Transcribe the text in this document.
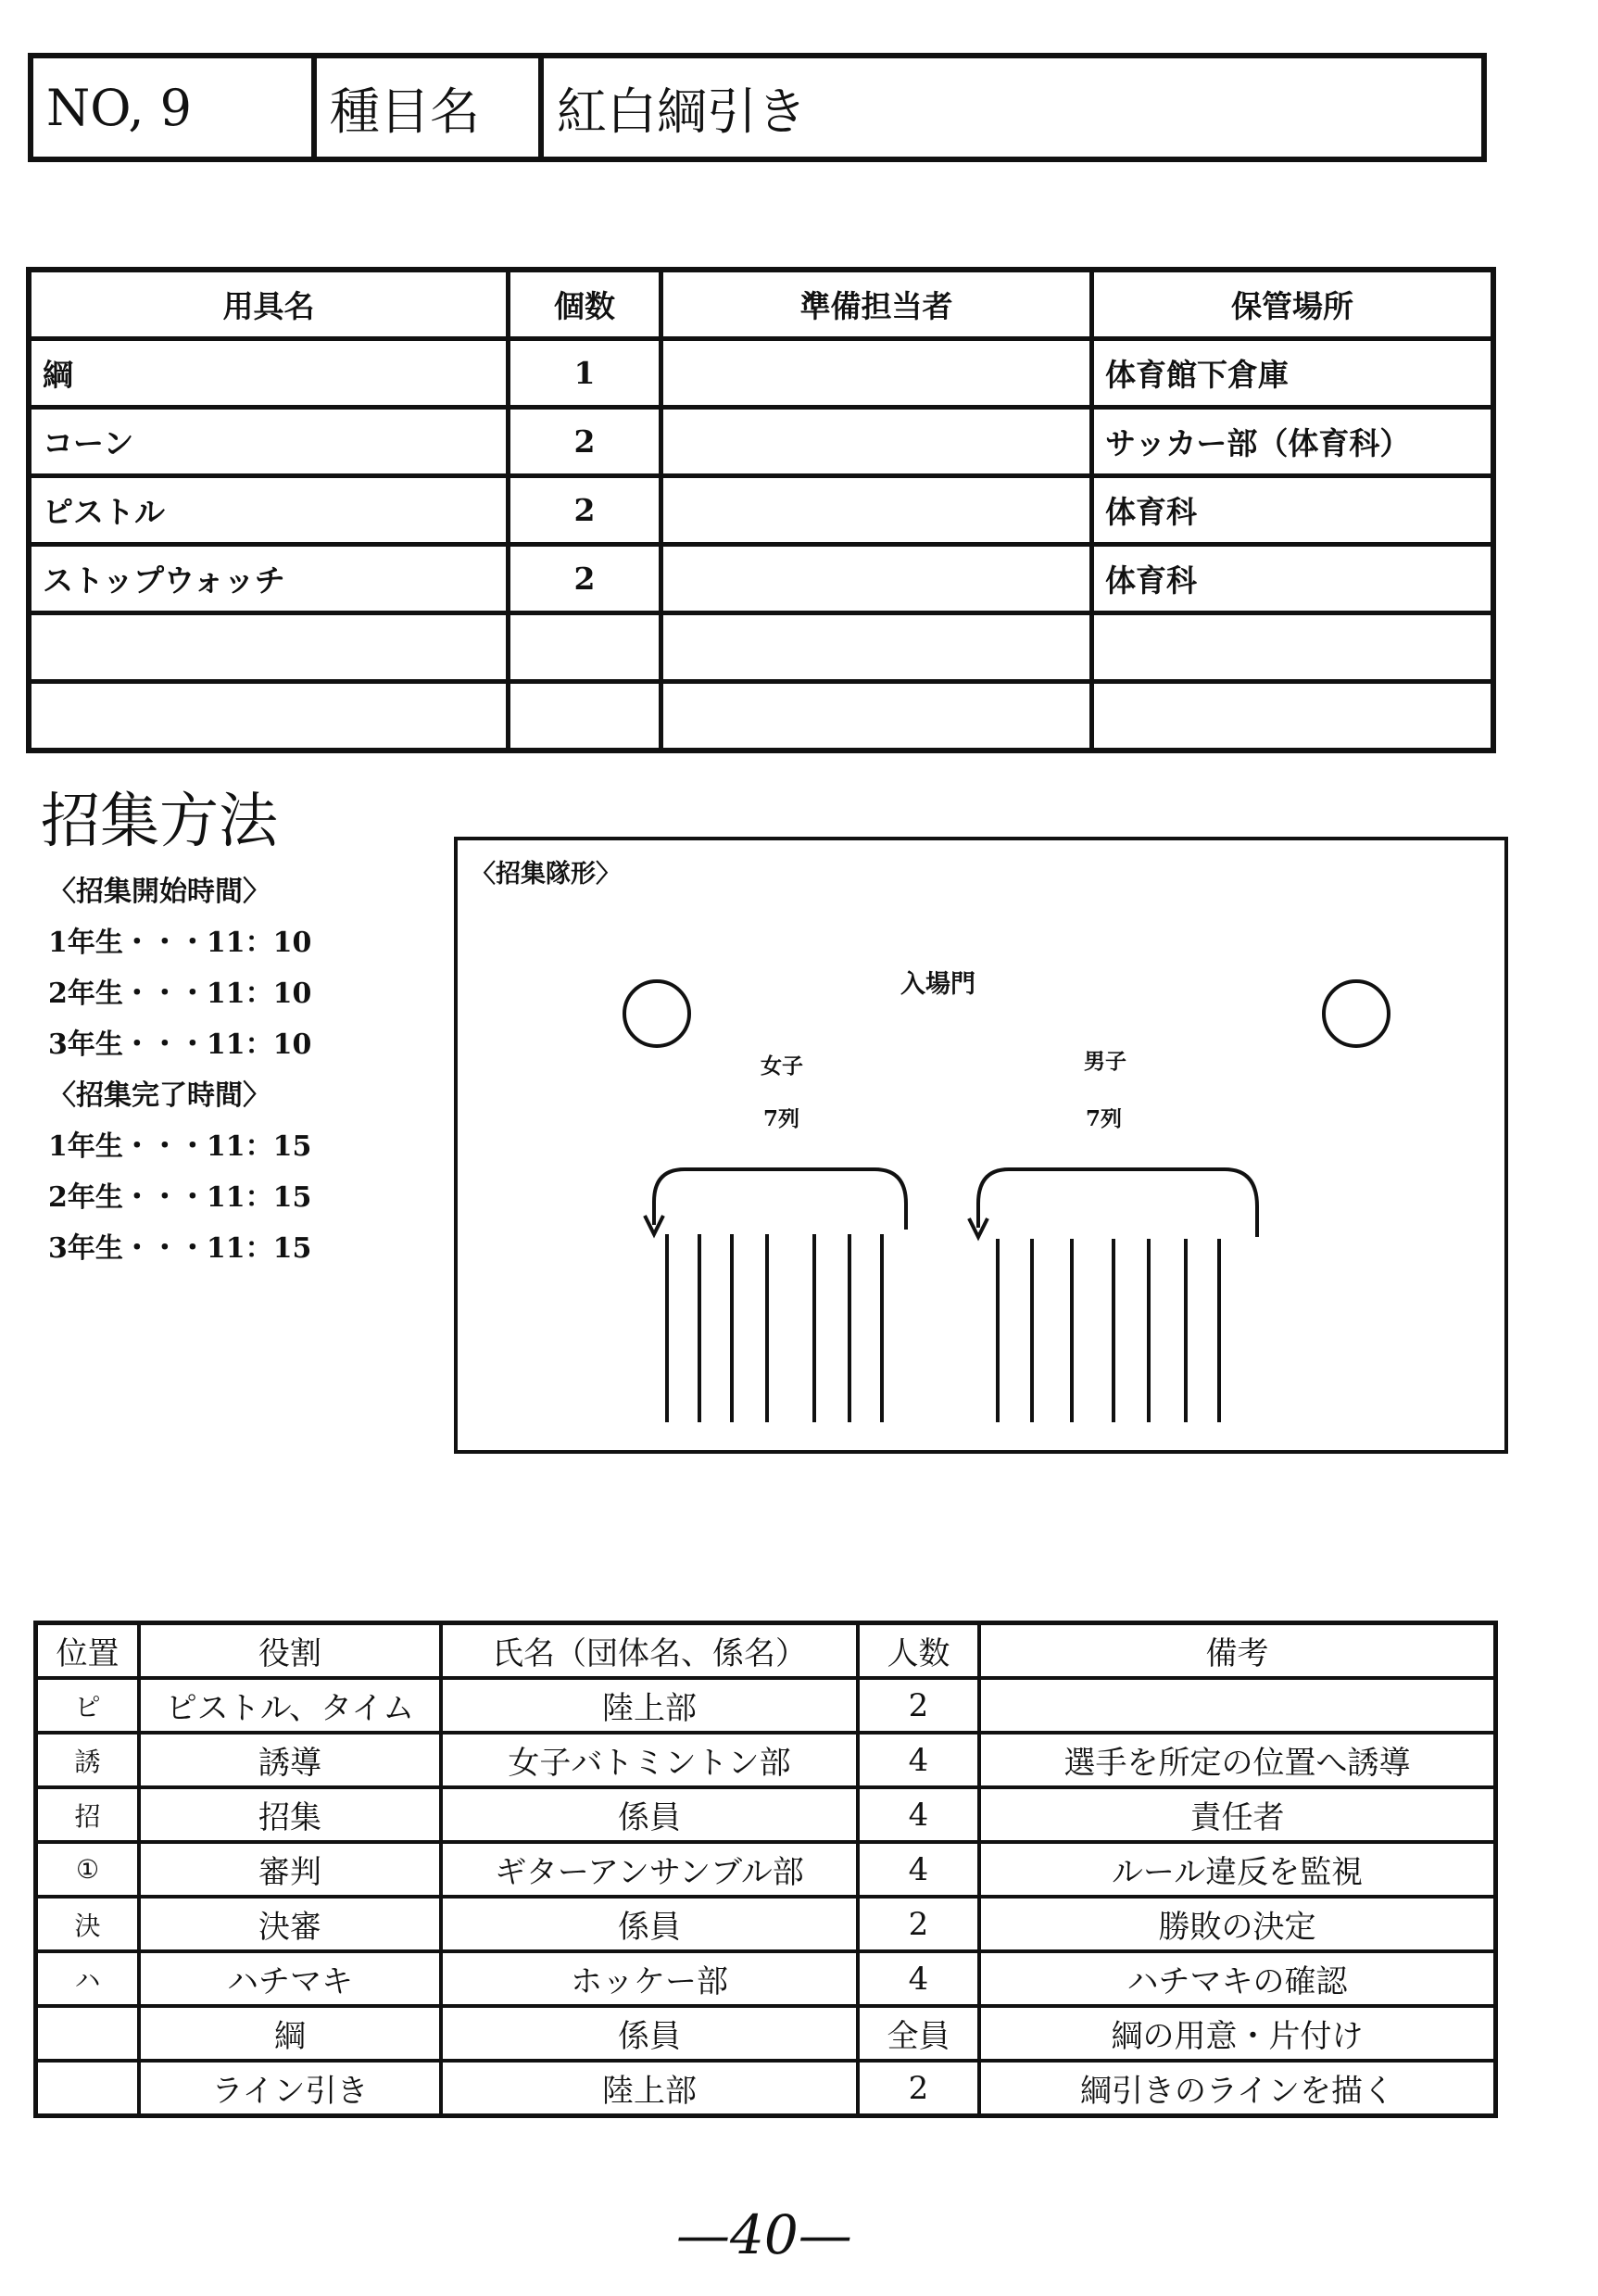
NO, 9	種目名	紅白綱引き
用具名	個数	準備担当者	保管場所
綱	1		体育館下倉庫
コーン	2		サッカー部（体育科）
ピストル	2		体育科
ストップウォッチ	2		体育科

招集方法
〈招集開始時間〉
1年生・・・11：10
2年生・・・11：10
3年生・・・11：10
〈招集完了時間〉
1年生・・・11：15
2年生・・・11：15
3年生・・・11：15
〈招集隊形〉
入場門
女子
7列
男子
7列
位置	役割	氏名（団体名、係名）	人数	備考
ピ	ピストル、タイム	陸上部	2	
誘	誘導	女子バトミントン部	4	選手を所定の位置へ誘導
招	招集	係員	4	責任者
①	審判	ギターアンサンブル部	4	ルール違反を監視
決	決審	係員	2	勝敗の決定
ハ	ハチマキ	ホッケー部	4	ハチマキの確認
	綱	係員	全員	綱の用意・片付け
	ライン引き	陸上部	2	綱引きのラインを描く
—40—
